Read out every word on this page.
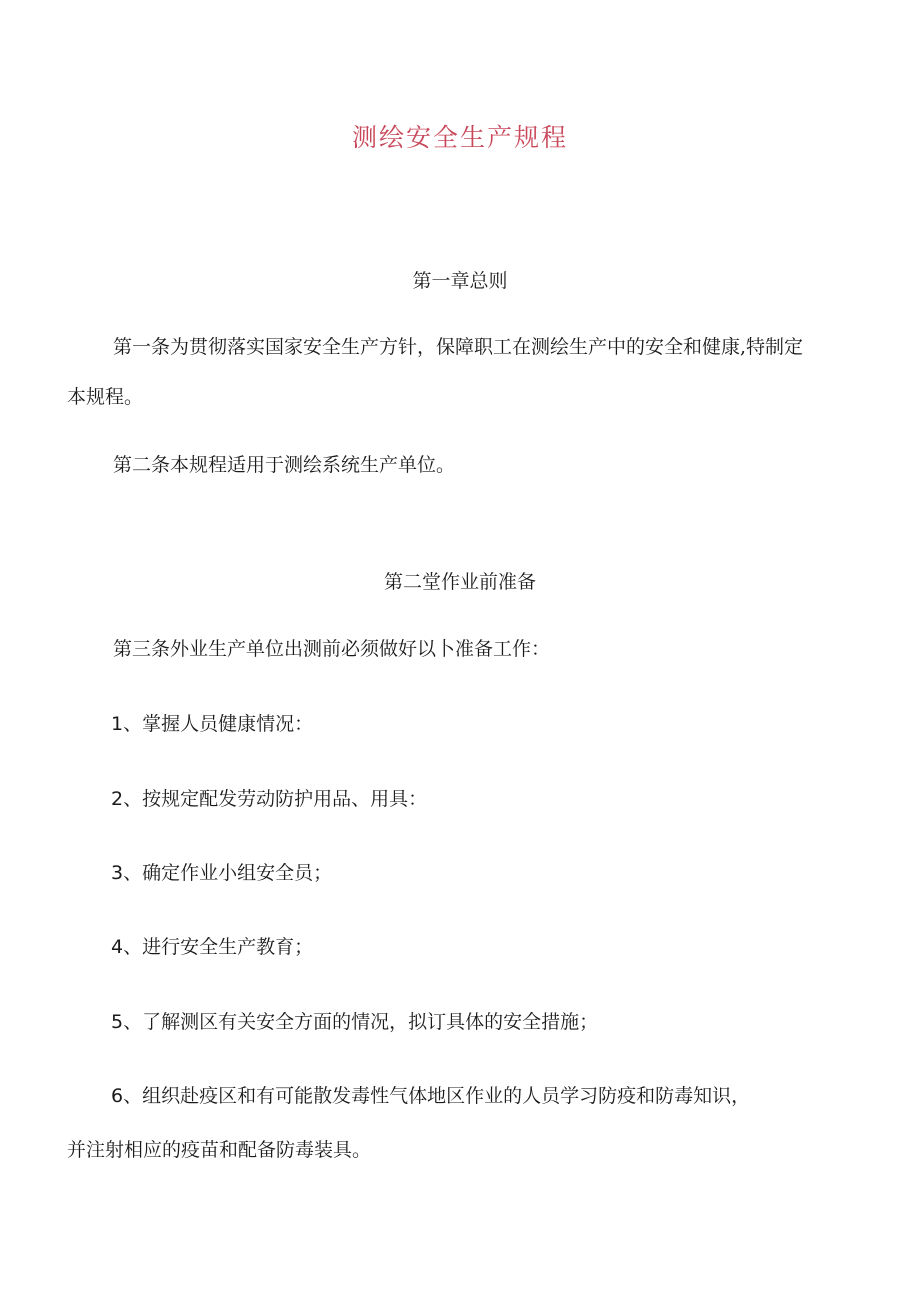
测绘安全生产规程
第一章总则
第一条为贯彻落实国家安全生产方针，保障职工在测绘生产中的安全和健康,特制定
本规程。
第二条本规程适用于测绘系统生产单位。
第二堂作业前准备
第三条外业生产单位出测前必须做好以卜准备工作：
1、掌握人员健康情况：
2、按规定配发劳动防护用品、用具：
3、确定作业小组安全员；
4、进行安全生产教育；
5、了解测区有关安全方面的情况，拟订具体的安全措施；
6、组织赴疫区和有可能散发毒性气体地区作业的人员学习防疫和防毒知识，
并注射相应的疫苗和配备防毒装具。
